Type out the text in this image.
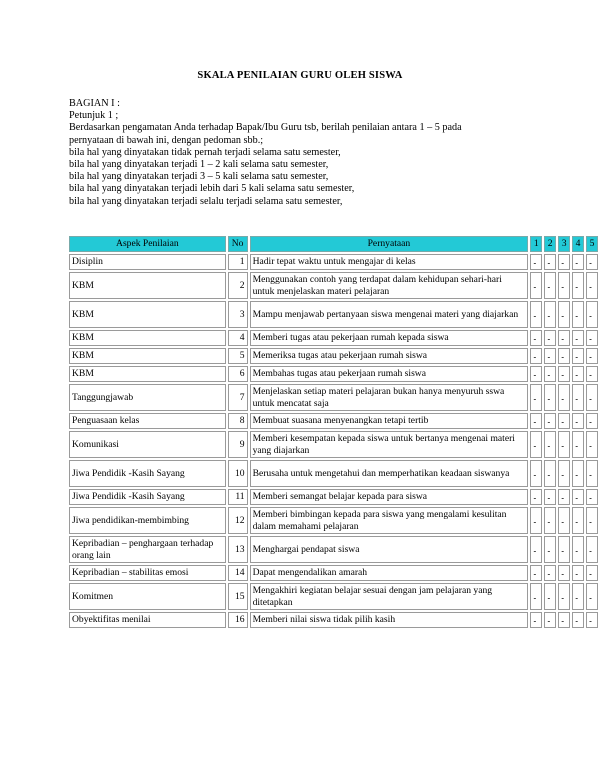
SKALA PENILAIAN GURU OLEH SISWA
BAGIAN I :
Petunjuk 1 ;
Berdasarkan pengamatan Anda terhadap Bapak/Ibu Guru tsb, berilah penilaian antara 1 – 5 pada
pernyataan di bawah ini, dengan pedoman sbb.;
bila hal yang dinyatakan tidak pernah terjadi selama satu semester,
bila hal yang dinyatakan terjadi 1 – 2 kali selama satu semester,
bila hal yang dinyatakan terjadi 3 – 5 kali selama satu semester,
bila hal yang dinyatakan terjadi lebih dari 5 kali selama satu semester,
bila hal yang dinyatakan terjadi selalu terjadi selama satu semester,
Aspek Penilaian	No	Pernyataan	1	2	3	4	5
Disiplin	1	Hadir tepat waktu untuk mengajar di kelas	..	..	..	..	..
KBM	2	Menggunakan contoh yang terdapat dalam kehidupan sehari-hari untuk menjelaskan materi pelajaran	..	..	..	..	..
KBM	3	Mampu menjawab pertanyaan siswa mengenai materi yang diajarkan	..	..	..	..	..
KBM	4	Memberi tugas atau pekerjaan rumah kepada siswa	..	..	..	..	..
KBM	5	Memeriksa tugas atau pekerjaan rumah siswa	..	..	..	..	..
KBM	6	Membahas tugas atau pekerjaan rumah siswa	..	..	..	..	..
Tanggungjawab	7	Menjelaskan setiap materi pelajaran bukan hanya menyuruh sswa untuk mencatat saja	..	..	..	..	..
Penguasaan kelas	8	Membuat suasana menyenangkan tetapi tertib	..	..	..	..	..
Komunikasi	9	Memberi kesempatan kepada siswa untuk bertanya mengenai materi yang diajarkan	..	..	..	..	..
Jiwa Pendidik -Kasih Sayang	10	Berusaha untuk mengetahui dan memperhatikan keadaan siswanya	..	..	..	..	..
Jiwa Pendidik -Kasih Sayang	11	Memberi semangat belajar kepada para siswa	..	..	..	..	..
Jiwa pendidikan-membimbing	12	Memberi bimbingan kepada para siswa yang mengalami kesulitan dalam memahami pelajaran	..	..	..	..	..
Kepribadian – penghargaan terhadap orang lain	13	Menghargai pendapat siswa	..	..	..	..	..
Kepribadian – stabilitas emosi	14	Dapat mengendalikan amarah	..	..	..	..	..
Komitmen	15	Mengakhiri kegiatan belajar sesuai dengan jam pelajaran yang ditetapkan	..	..	..	..	..
Obyektifitas menilai	16	Memberi nilai siswa tidak pilih kasih	..	..	..	..	..
